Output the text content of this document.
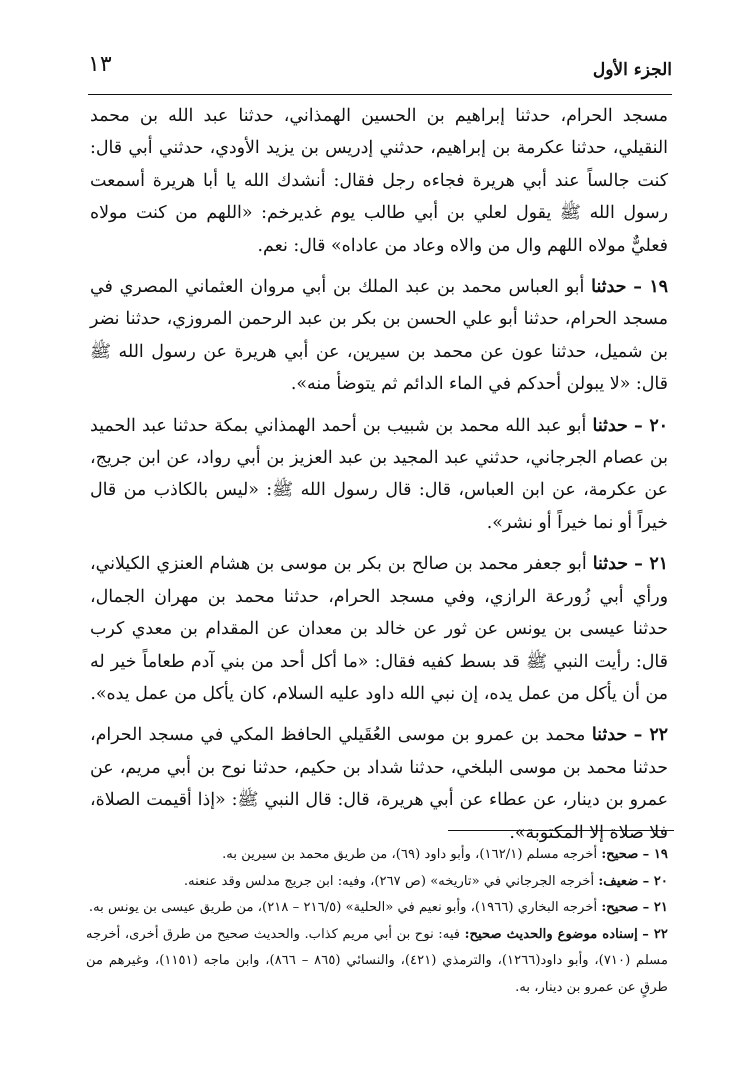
الجزء الأول
١٣

مسجد الحرام، حدثنا إبراهيم بن الحسين الهمذاني، حدثنا عبد الله بن محمد النقيلي، حدثنا عكرمة بن إبراهيم، حدثني إدريس بن يزيد الأودي، حدثني أبي قال: كنت جالساً عند أبي هريرة فجاءه رجل فقال: أنشدك الله يا أبا هريرة أسمعت رسول الله ﷺ يقول لعلي بن أبي طالب يوم غديرخم: «اللهم من كنت مولاه فعليٌّ مولاه اللهم وال من والاه وعاد من عاداه» قال: نعم.

١٩ – حدثنا أبو العباس محمد بن عبد الملك بن أبي مروان العثماني المصري في مسجد الحرام، حدثنا أبو علي الحسن بن بكر بن عبد الرحمن المروزي، حدثنا نضر بن شميل، حدثنا عون عن محمد بن سيرين، عن أبي هريرة عن رسول الله ﷺ قال: «لا يبولن أحدكم في الماء الدائم ثم يتوضأ منه».

٢٠ – حدثنا أبو عبد الله محمد بن شبيب بن أحمد الهمذاني بمكة حدثنا عبد الحميد بن عصام الجرجاني، حدثني عبد المجيد بن عبد العزيز بن أبي رواد، عن ابن جريج، عن عكرمة، عن ابن العباس، قال: قال رسول الله ﷺ: «ليس بالكاذب من قال خيراً أو نما خيراً أو نشر».

٢١ – حدثنا أبو جعفر محمد بن صالح بن بكر بن موسى بن هشام العنزي الكيلاني، ورأي أبي زُورعة الرازي، وفي مسجد الحرام، حدثنا محمد بن مهران الجمال، حدثنا عيسى بن يونس عن ثور عن خالد بن معدان عن المقدام بن معدي كرب قال: رأيت النبي ﷺ قد بسط كفيه فقال: «ما أكل أحد من بني آدم طعاماً خير له من أن يأكل من عمل يده، إن نبي الله داود عليه السلام، كان يأكل من عمل يده».

٢٢ – حدثنا محمد بن عمرو بن موسى العُقَيلي الحافظ المكي في مسجد الحرام، حدثنا محمد بن موسى البلخي، حدثنا شداد بن حكيم، حدثنا نوح بن أبي مريم، عن عمرو بن دينار، عن عطاء عن أبي هريرة، قال: قال النبي ﷺ: «إذا أقيمت الصلاة، فلا صلاة إلا المكتوبة».

١٩ – صحيح: أخرجه مسلم (١٦٢/١)، وأبو داود (٦٩)، من طريق محمد بن سيرين به.

٢٠ – ضعيف: أخرجه الجرجاني في «تاريخه» (ص ٢٦٧)، وفيه: ابن جريج مدلس وقد عنعنه.

٢١ – صحيح: أخرجه البخاري (١٩٦٦)، وأبو نعيم في «الحلية» (٢١٦/٥ – ٢١٨)، من طريق عيسى بن يونس به.

٢٢ – إسناده موضوع والحديث صحيح: فيه: نوح بن أبي مريم كذاب. والحديث صحيح من طرق أخرى، أخرجه مسلم (٧١٠)، وأبو داود(١٢٦٦)، والترمذي (٤٢١)، والنسائي (٨٦٥ – ٨٦٦)، وابن ماجه (١١٥١)، وغيرهم من طرقٍ عن عمرو بن دينار، به.
